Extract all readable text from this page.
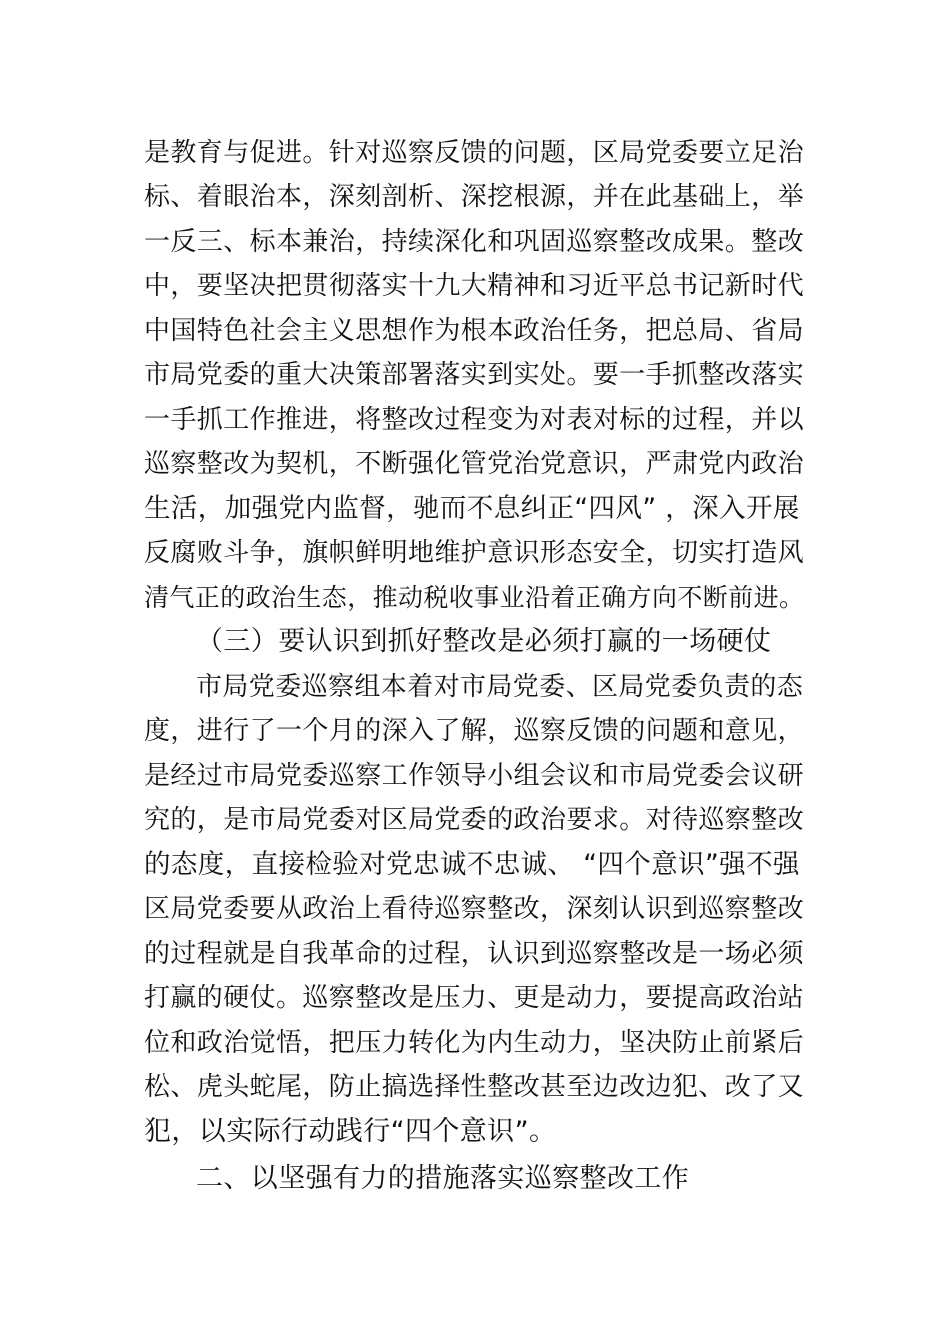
是教育与促进。针对巡察反馈的问题，区局党委要立足治
标、着眼治本，深刻剖析、深挖根源，并在此基础上，举
一反三、标本兼治，持续深化和巩固巡察整改成果。整改
中，要坚决把贯彻落实十九大精神和习近平总书记新时代
中国特色社会主义思想作为根本政治任务，把总局、省局
市局党委的重大决策部署落实到实处。要一手抓整改落实
一手抓工作推进，将整改过程变为对表对标的过程，并以
巡察整改为契机，不断强化管党治党意识，严肃党内政治
生活，加强党内监督，驰而不息纠正“四风” ，深入开展
反腐败斗争，旗帜鲜明地维护意识形态安全，切实打造风
清气正的政治生态，推动税收事业沿着正确方向不断前进。
（三）要认识到抓好整改是必须打赢的一场硬仗
市局党委巡察组本着对市局党委、区局党委负责的态
度，进行了一个月的深入了解，巡察反馈的问题和意见，
是经过市局党委巡察工作领导小组会议和市局党委会议研
究的，是市局党委对区局党委的政治要求。对待巡察整改
的态度，直接检验对党忠诚不忠诚、 “四个意识”强不强
区局党委要从政治上看待巡察整改，深刻认识到巡察整改
的过程就是自我革命的过程，认识到巡察整改是一场必须
打赢的硬仗。巡察整改是压力、更是动力，要提高政治站
位和政治觉悟，把压力转化为内生动力，坚决防止前紧后
松、虎头蛇尾，防止搞选择性整改甚至边改边犯、改了又
犯，以实际行动践行“四个意识”。
二、以坚强有力的措施落实巡察整改工作
